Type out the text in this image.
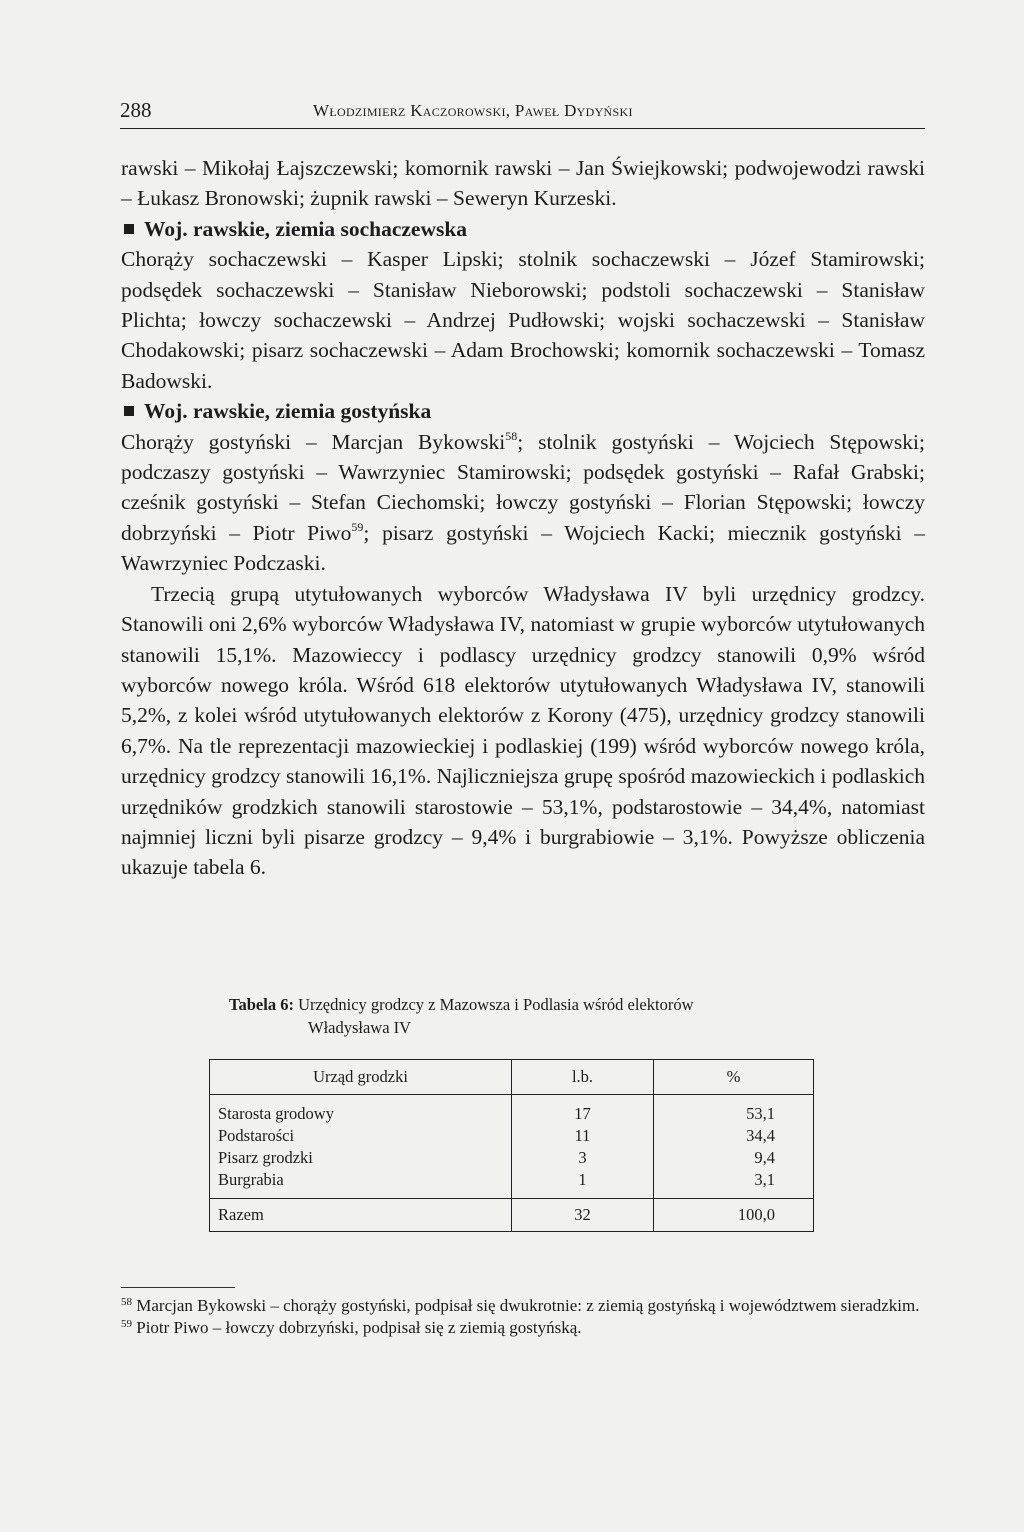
288	Włodzimierz Kaczorowski, Paweł Dydyński

rawski – Mikołaj Łajszczewski; komornik rawski – Jan Świejkowski; podwojewodzi rawski – Łukasz Bronowski; żupnik rawski – Seweryn Kurzeski.

Woj. rawskie, ziemia sochaczewska

Chorąży sochaczewski – Kasper Lipski; stolnik sochaczewski – Józef Stamirowski; podsędek sochaczewski – Stanisław Nieborowski; podstoli sochaczewski – Stanisław Plichta; łowczy sochaczewski – Andrzej Pudłowski; wojski sochaczewski – Stanisław Chodakowski; pisarz sochaczewski – Adam Brochowski; komornik sochaczewski – Tomasz Badowski.

Woj. rawskie, ziemia gostyńska

Chorąży gostyński – Marcjan Bykowski$^{58}$; stolnik gostyński – Wojciech Stępowski; podczaszy gostyński – Wawrzyniec Stamirowski; podsędek gostyński – Rafał Grabski; cześnik gostyński – Stefan Ciechomski; łowczy gostyński – Florian Stępowski; łowczy dobrzyński – Piotr Piwo$^{59}$; pisarz gostyński – Wojciech Kacki; miecznik gostyński – Wawrzyniec Podczaski.

Trzecią grupą utytułowanych wyborców Władysława IV byli urzędnicy grodzcy. Stanowili oni 2,6% wyborców Władysława IV, natomiast w grupie wyborców utytułowanych stanowili 15,1%. Mazowieccy i podlascy urzędnicy grodzcy stanowili 0,9% wśród wyborców nowego króla. Wśród 618 elektorów utytułowanych Władysława IV, stanowili 5,2%, z kolei wśród utytułowanych elektorów z Korony (475), urzędnicy grodzcy stanowili 6,7%. Na tle reprezentacji mazowieckiej i podlaskiej (199) wśród wyborców nowego króla, urzędnicy grodzcy stanowili 16,1%. Najliczniejsza grupę spośród mazowieckich i podlaskich urzędników grodzkich stanowili starostowie – 53,1%, podstarostowie – 34,4%, natomiast najmniej liczni byli pisarze grodzcy – 9,4% i burgrabiowie – 3,1%. Powyższe obliczenia ukazuje tabela 6.

Tabela 6: Urzędnicy grodzcy z Mazowsza i Podlasia wśród elektorów
Władysława IV
Urząd grodzki	l.b.	%
Starosta grodowy	17	53,1
Podstarości	11	34,4
Pisarz grodzki	3	9,4
Burgrabia	1	3,1
Razem	32	100,0

$^{58}$ Marcjan Bykowski – chorąży gostyński, podpisał się dwukrotnie: z ziemią gostyńską i województwem sieradzkim.

$^{59}$ Piotr Piwo – łowczy dobrzyński, podpisał się z ziemią gostyńską.
